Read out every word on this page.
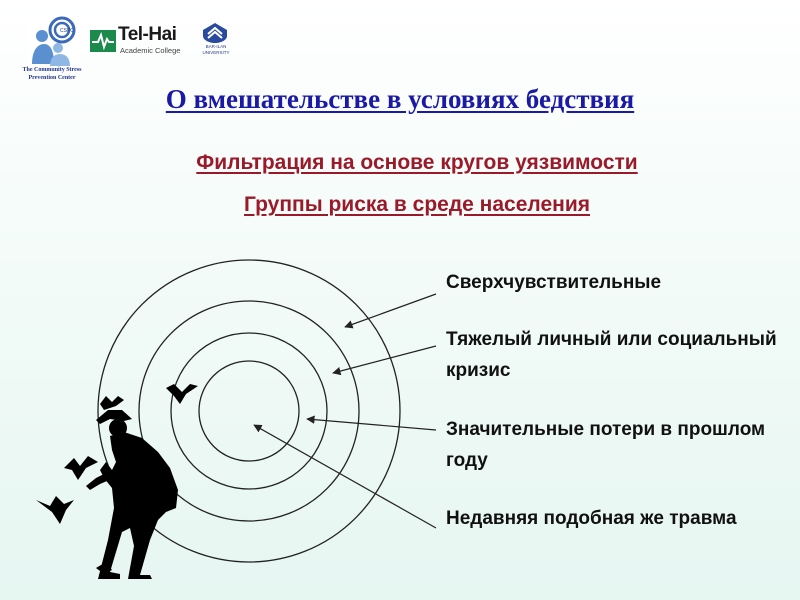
CSPC
The Community Stress Prevention Center
Tel-Hai
Academic College	BAR-ILAN UNIVERSITY
О вмешательстве в условиях бедствия
Фильтрация на основе кругов уязвимости
Группы риска в среде населения
Сверхчувствительные
Тяжелый личный или социальный кризис
Значительные потери в прошлом году
Недавняя подобная же травма
